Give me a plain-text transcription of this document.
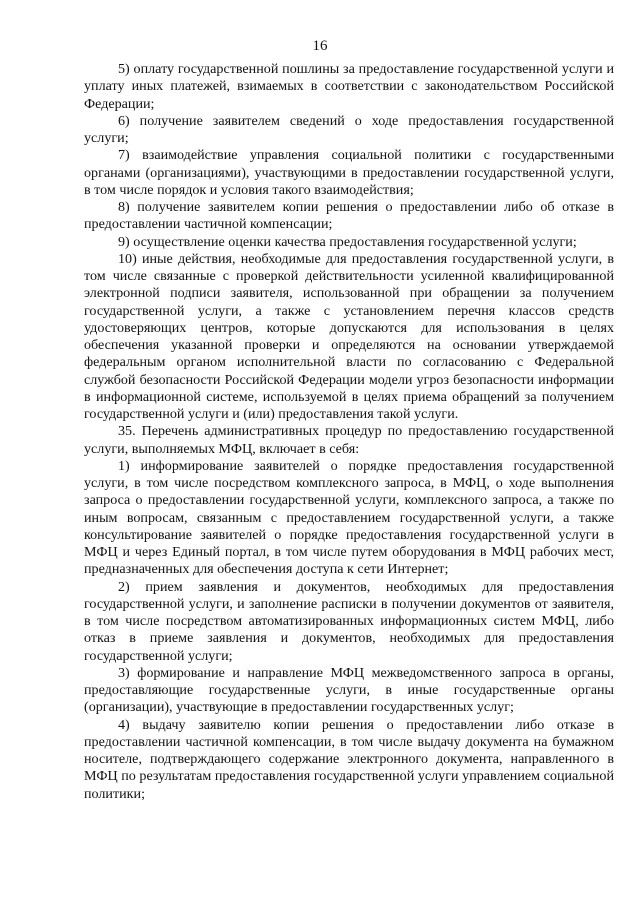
16

5) оплату государственной пошлины за предоставление государственной услуги и уплату иных платежей, взимаемых в соответствии с законодательством Российской Федерации;

6) получение заявителем сведений о ходе предоставления государственной услуги;

7) взаимодействие управления социальной политики с государственными органами (организациями), участвующими в предоставлении государственной услуги, в том числе порядок и условия такого взаимодействия;

8) получение заявителем копии решения о предоставлении либо об отказе в предоставлении частичной компенсации;

9) осуществление оценки качества предоставления государственной услуги;

10) иные действия, необходимые для предоставления государственной услуги, в том числе связанные с проверкой действительности усиленной квалифицированной электронной подписи заявителя, использованной при обращении за получением государственной услуги, а также с установлением перечня классов средств удостоверяющих центров, которые допускаются для использования в целях обеспечения указанной проверки и определяются на основании утверждаемой федеральным органом исполнительной власти по согласованию с Федеральной службой безопасности Российской Федерации модели угроз безопасности информации в информационной системе, используемой в целях приема обращений за получением государственной услуги и (или) предоставления такой услуги.

35. Перечень административных процедур по предоставлению государственной услуги, выполняемых МФЦ, включает в себя:

1) информирование заявителей о порядке предоставления государственной услуги, в том числе посредством комплексного запроса, в МФЦ, о ходе выполнения запроса о предоставлении государственной услуги, комплексного запроса, а также по иным вопросам, связанным с предоставлением государственной услуги, а также консультирование заявителей о порядке предоставления государственной услуги в МФЦ и через Единый портал, в том числе путем оборудования в МФЦ рабочих мест, предназначенных для обеспечения доступа к сети Интернет;

2) прием заявления и документов, необходимых для предоставления государственной услуги, и заполнение расписки в получении документов от заявителя, в том числе посредством автоматизированных информационных систем МФЦ, либо отказ в приеме заявления и документов, необходимых для предоставления государственной услуги;

3) формирование и направление МФЦ межведомственного запроса в органы, предоставляющие государственные услуги, в иные государственные органы (организации), участвующие в предоставлении государственных услуг;

4) выдачу заявителю копии решения о предоставлении либо отказе в предоставлении частичной компенсации, в том числе выдачу документа на бумажном носителе, подтверждающего содержание электронного документа, направленного в МФЦ по результатам предоставления государственной услуги управлением социальной политики;
